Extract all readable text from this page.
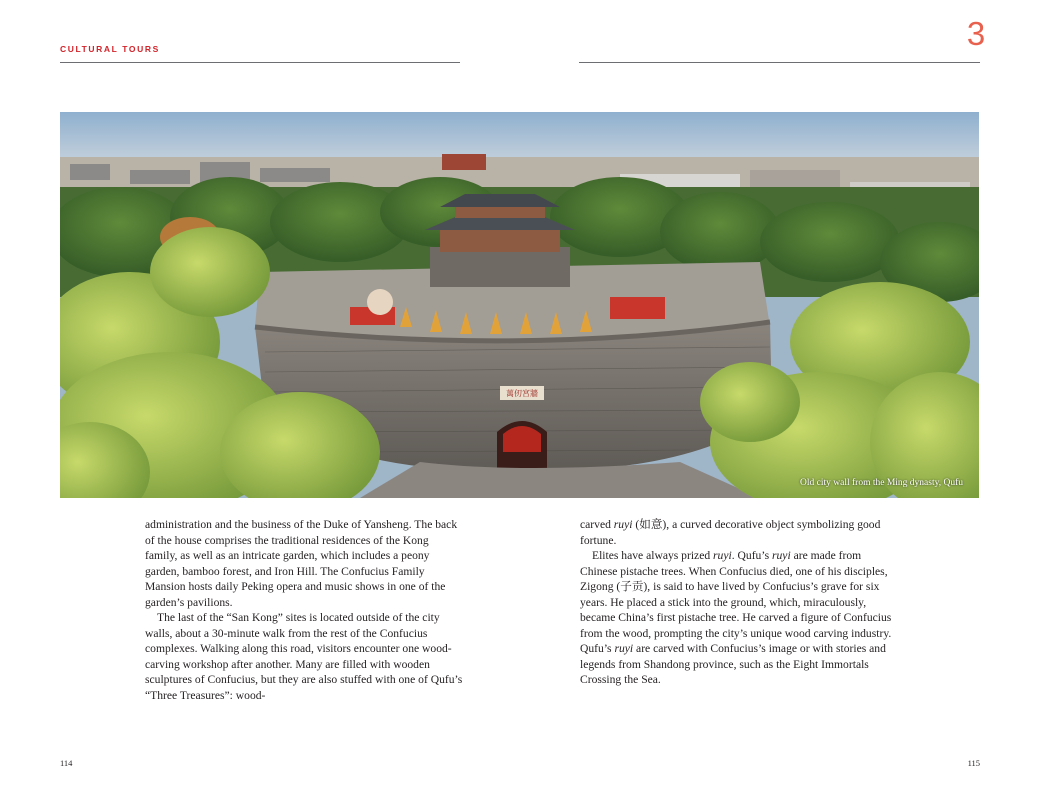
CULTURAL TOURS	3
萬仞宮牆
Old city wall from the Ming dynasty, Qufu

administration and the business of the Duke of Yansheng. The back of the house comprises the traditional residences of the Kong family, as well as an intricate garden, which includes a peony garden, bamboo forest, and Iron Hill. The Confucius Family Mansion hosts daily Peking opera and music shows in one of the garden’s pavilions.

The last of the “San Kong” sites is located outside of the city walls, about a 30-minute walk from the rest of the Confucius complexes. Walking along this road, visitors encounter one wood-carving workshop after another. Many are filled with wooden sculptures of Confucius, but they are also stuffed with one of Qufu’s “Three Treasures”: wood-

carved ruyi (如意), a curved decorative object symbolizing good fortune.

Elites have always prized ruyi. Qufu’s ruyi are made from Chinese pistache trees. When Confucius died, one of his disciples, Zigong (子贡), is said to have lived by Confucius’s grave for six years. He placed a stick into the ground, which, miraculously, became China’s first pistache tree. He carved a figure of Confucius from the wood, prompting the city’s unique wood carving industry. Qufu’s ruyi are carved with Confucius’s image or with stories and legends from Shandong province, such as the Eight Immortals Crossing the Sea.

114	115
